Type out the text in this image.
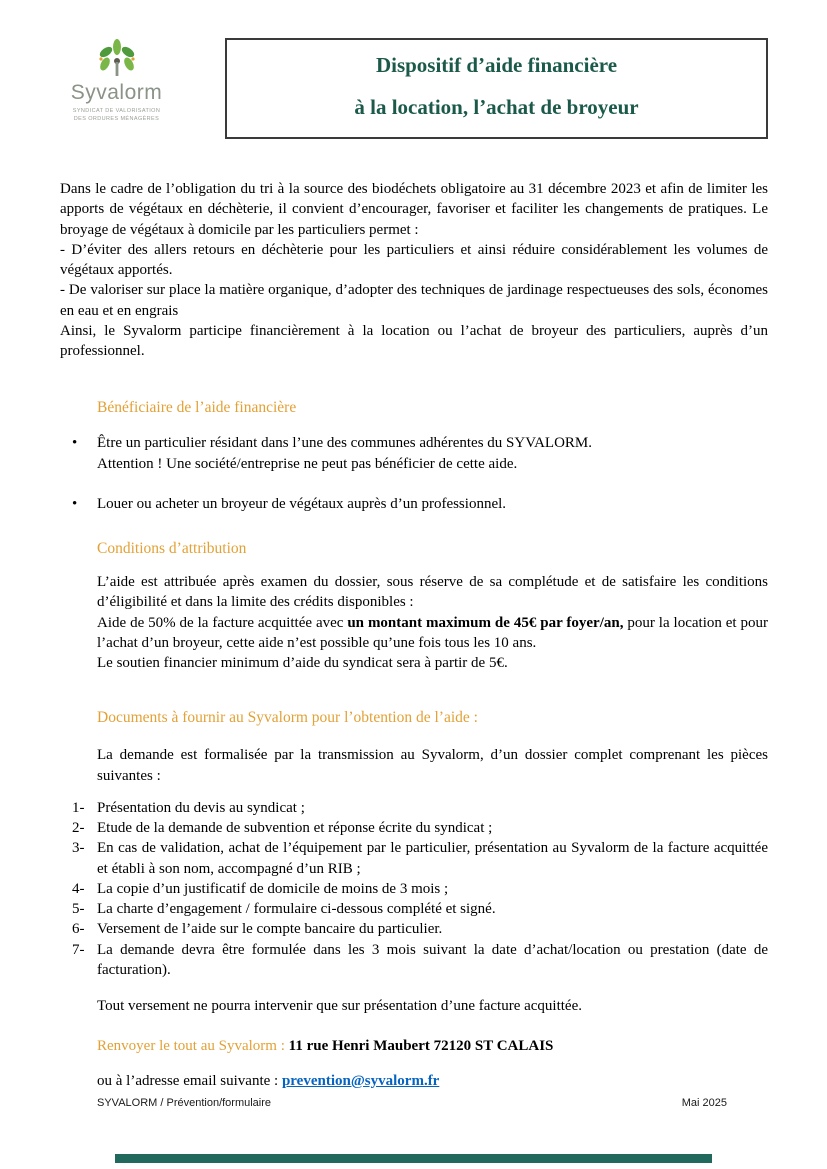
Syvalorm
SYNDICAT DE VALORISATION
DES ORDURES MÉNAGÈRES
Dispositif d’aide financière
à la location, l’achat de broyeur

Dans le cadre de l’obligation du tri à la source des biodéchets obligatoire au 31 décembre 2023 et afin de limiter les apports de végétaux en déchèterie, il convient d’encourager, favoriser et faciliter les changements de pratiques. Le broyage de végétaux à domicile par les particuliers permet :

- D’éviter des allers retours en déchèterie pour les particuliers et ainsi réduire considérablement les volumes de végétaux apportés.

- De valoriser sur place la matière organique, d’adopter des techniques de jardinage respectueuses des sols, économes en eau et en engrais

Ainsi, le Syvalorm participe financièrement à la location ou l’achat de broyeur des particuliers, auprès d’un professionnel.

Bénéficiaire de l’aide financière
•	Être un particulier résidant dans l’une des communes adhérentes du SYVALORM.
Attention ! Une société/entreprise ne peut pas bénéficier de cette aide.
•	Louer ou acheter un broyeur de végétaux auprès d’un professionnel.
Conditions d’attribution

L’aide est attribuée après examen du dossier, sous réserve de sa complétude et de satisfaire les conditions d’éligibilité et dans la limite des crédits disponibles :

Aide de 50% de la facture acquittée avec un montant maximum de 45€ par foyer/an, pour la location et pour l’achat d’un broyeur, cette aide n’est possible qu’une fois tous les 10 ans.

Le soutien financier minimum d’aide du syndicat sera à partir de 5€.

Documents à fournir au Syvalorm pour l’obtention de l’aide :
La demande est formalisée par la transmission au Syvalorm, d’un dossier complet comprenant les pièces suivantes :
1- Présentation du devis au syndicat ;
2- Etude de la demande de subvention et réponse écrite du syndicat ;
3- En cas de validation, achat de l’équipement par le particulier, présentation au Syvalorm de la facture acquittée et établi à son nom, accompagné d’un RIB ;
4- La copie d’un justificatif de domicile de moins de 3 mois ;
5- La charte d’engagement / formulaire ci-dessous complété et signé.
6- Versement de l’aide sur le compte bancaire du particulier.
7- La demande devra être formulée dans les 3 mois suivant la date d’achat/location ou prestation (date de facturation).
Tout versement ne pourra intervenir que sur présentation d’une facture acquittée.
Renvoyer le tout au Syvalorm : 11 rue Henri Maubert 72120 ST CALAIS
ou à l’adresse email suivante : prevention@syvalorm.fr
SYVALORM / Prévention/formulaire	Mai 2025
